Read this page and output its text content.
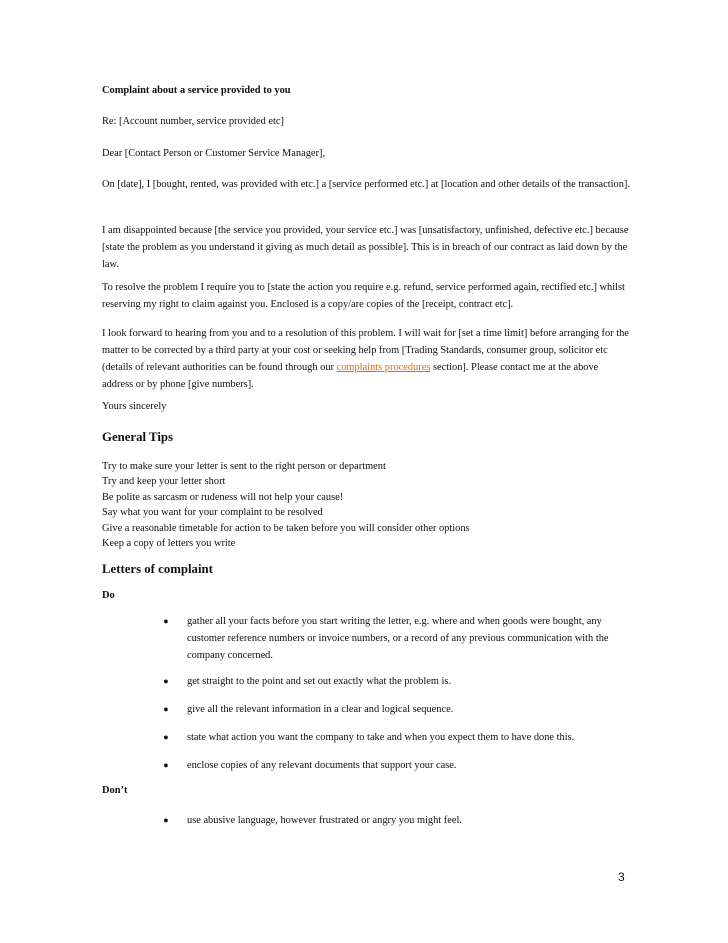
Complaint about a service provided to you

Re: [Account number, service provided etc]

Dear [Contact Person or Customer Service Manager],

On [date], I [bought, rented, was provided with etc.] a [service performed etc.] at [location and other details of the transaction].

I am disappointed because [the service you provided, your service etc.] was [unsatisfactory, unfinished, defective etc.] because [state the problem as you understand it giving as much detail as possible]. This is in breach of our contract as laid down by the law.

To resolve the problem I require you to [state the action you require e.g. refund, service performed again, rectified etc.] whilst reserving my right to claim against you. Enclosed is a copy/are copies of the [receipt, contract etc].

I look forward to hearing from you and to a resolution of this problem. I will wait for [set a time limit] before arranging for the matter to be corrected by a third party at your cost or seeking help from [Trading Standards, consumer group, solicitor etc (details of relevant authorities can be found through our complaints procedures section]. Please contact me at the above address or by phone [give numbers].

Yours sincerely

General Tips

Try to make sure your letter is sent to the right person or department
Try and keep your letter short
Be polite as sarcasm or rudeness will not help your cause!
Say what you want for your complaint to be resolved
Give a reasonable timetable for action to be taken before you will consider other options
Keep a copy of letters you write

Letters of complaint

Do

●	gather all your facts before you start writing the letter, e.g. where and when goods were bought, any customer reference numbers or invoice numbers, or a record of any previous communication with the company concerned.
●	get straight to the point and set out exactly what the problem is.
●	give all the relevant information in a clear and logical sequence.
●	state what action you want the company to take and when you expect them to have done this.
●	enclose copies of any relevant documents that support your case.

Don’t

●	use abusive language, however frustrated or angry you might feel.
3
